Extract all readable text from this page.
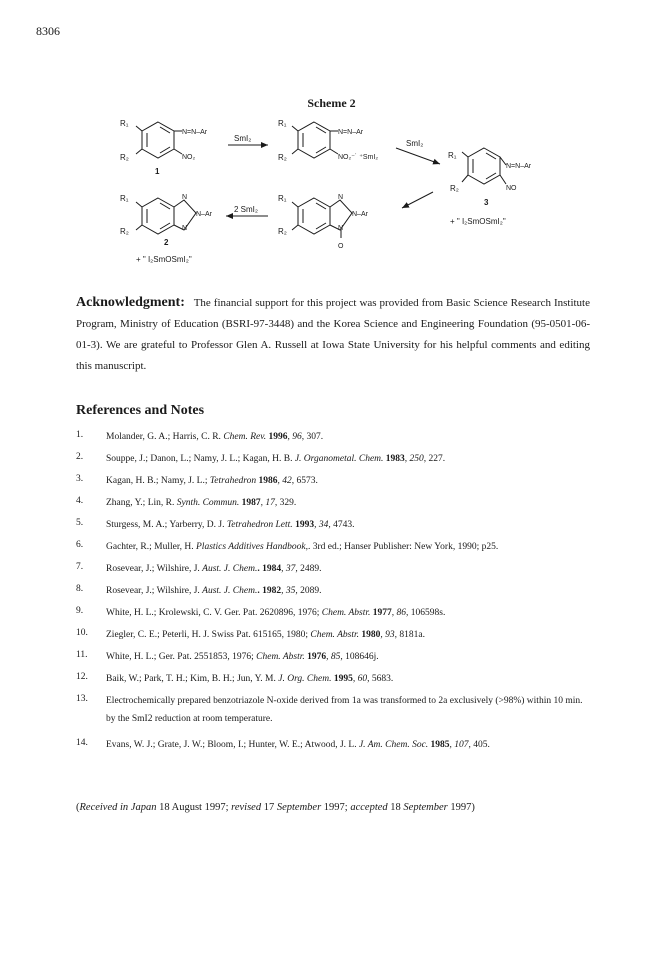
8306
Scheme 2
R₁
R₂
N=N–Ar
NO₂
1
SmI₂
R₁
R₂
N=N–Ar
NO₂⁻˙ ⁺SmI₂
SmI₂
R₁
R₂
N=N–Ar
NO
3
+ " I₂SmOSmI₂"
R₁
R₂
N
N–Ar
N
O
2 SmI₂
R₁
R₂
N
N–Ar
N
2
+ " I₂SmOSmI₂"
Acknowledgment: The financial support for this project was provided from Basic Science Research Institute Program, Ministry of Education (BSRI-97-3448) and the Korea Science and Engineering Foundation (95-0501-06-01-3). We are grateful to Professor Glen A. Russell at Iowa State University for his helpful comments and editing this manuscript.
References and Notes
1.	Molander, G. A.; Harris, C. R. Chem. Rev. 1996, 96, 307.
2.	Souppe, J.; Danon, L.; Namy, J. L.; Kagan, H. B. J. Organometal. Chem. 1983, 250, 227.
3.	Kagan, H. B.; Namy, J. L.; Tetrahedron 1986, 42, 6573.
4.	Zhang, Y.; Lin, R. Synth. Commun. 1987, 17, 329.
5.	Sturgess, M. A.; Yarberry, D. J. Tetrahedron Lett. 1993, 34, 4743.
6.	Gachter, R.; Muller, H. Plastics Additives Handbook,. 3rd ed.; Hanser Publisher: New York, 1990; p25.
7.	Rosevear, J.; Wilshire, J. Aust. J. Chem.. 1984, 37, 2489.
8.	Rosevear, J.; Wilshire, J. Aust. J. Chem.. 1982, 35, 2089.
9.	White, H. L.; Krolewski, C. V. Ger. Pat. 2620896, 1976; Chem. Abstr. 1977, 86, 106598s.
10.	Ziegler, C. E.; Peterli, H. J. Swiss Pat. 615165, 1980; Chem. Abstr. 1980, 93, 8181a.
11.	White, H. L.; Ger. Pat. 2551853, 1976; Chem. Abstr. 1976, 85, 108646j.
12.	Baik, W.; Park, T. H.; Kim, B. H.; Jun, Y. M. J. Org. Chem. 1995, 60, 5683.
13.	Electrochemically prepared benzotriazole N-oxide derived from 1a was transformed to 2a exclusively (>98%) within 10 min. by the SmI2 reduction at room temperature.
14.	Evans, W. J.; Grate, J. W.; Bloom, I.; Hunter, W. E.; Atwood, J. L. J. Am. Chem. Soc. 1985, 107, 405.
(Received in Japan 18 August 1997; revised 17 September 1997; accepted 18 September 1997)
